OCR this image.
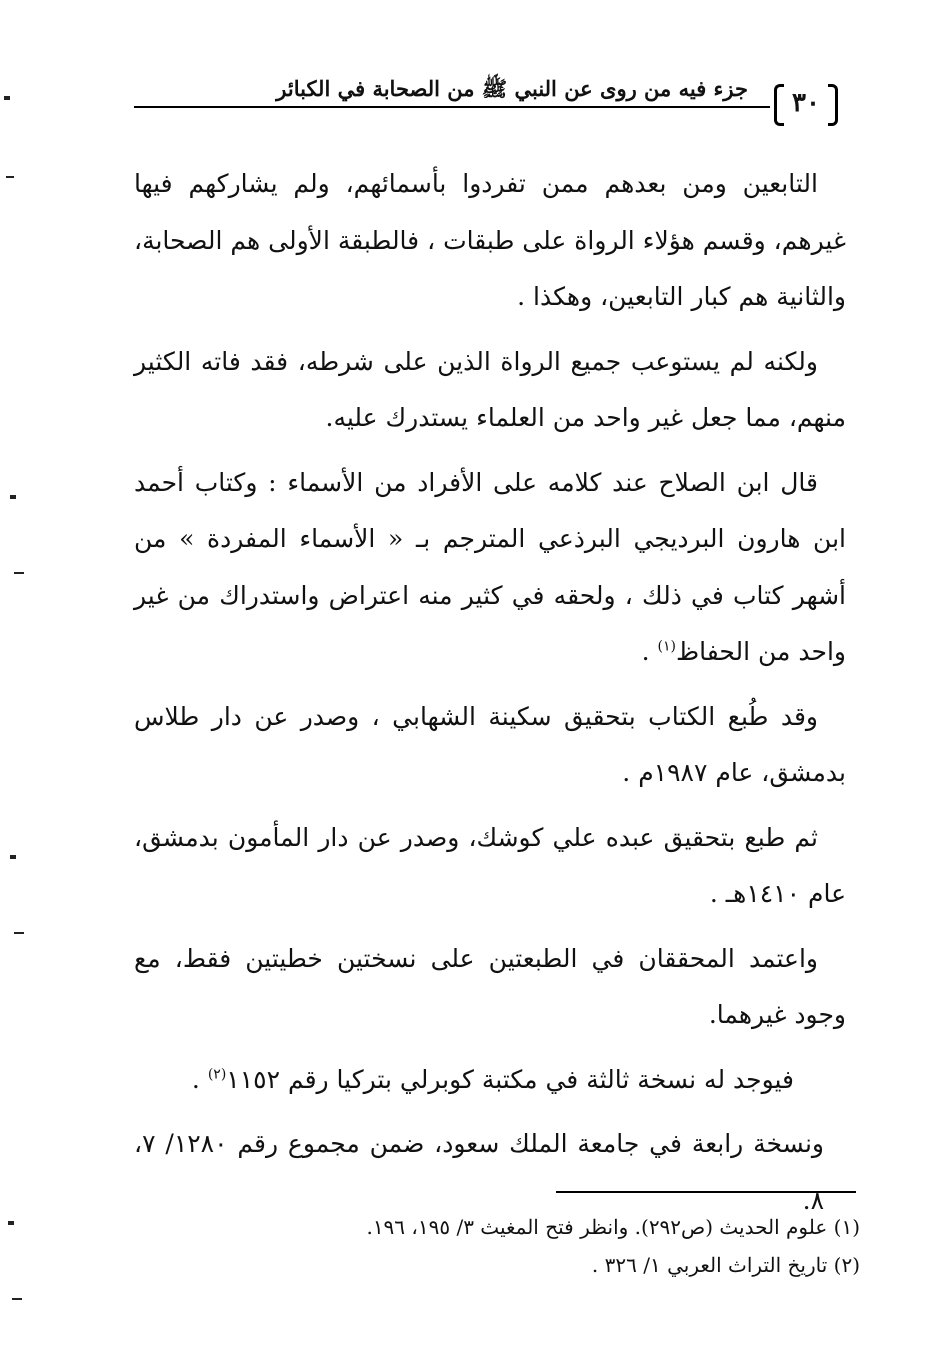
جزء فيه من روى عن النبي ﷺ من الصحابة في الكبائر ٣٠

التابعين ومن بعدهم ممن تفردوا بأسمائهم، ولم يشاركهم فيها غيرهم، وقسم هؤلاء الرواة على طبقات ، فالطبقة الأولى هم الصحابة، والثانية هم كبار التابعين، وهكذا .

ولكنه لم يستوعب جميع الرواة الذين على شرطه، فقد فاته الكثير منهم، مما جعل غير واحد من العلماء يستدرك عليه.

قال ابن الصلاح عند كلامه على الأفراد من الأسماء : وكتاب أحمد ابن هارون البرديجي البرذعي المترجم بـ « الأسماء المفردة » من أشهر كتاب في ذلك ، ولحقه في كثير منه اعتراض واستدراك من غير واحد من الحفاظ$^{(١)}$ .

وقد طُبع الكتاب بتحقيق سكينة الشهابي ، وصدر عن دار طلاس بدمشق، عام ١٩٨٧م .

ثم طبع بتحقيق عبده علي كوشك، وصدر عن دار المأمون بدمشق، عام ١٤١٠هـ .

واعتمد المحققان في الطبعتين على نسختين خطيتين فقط، مع وجود غيرهما.

فيوجد له نسخة ثالثة في مكتبة كوبرلي بتركيا رقم ١١٥٢$^{(٢)}$ .

ونسخة رابعة في جامعة الملك سعود، ضمن مجموع رقم ١٢٨٠/ ٧، ٨.

(١) علوم الحديث (ص٢٩٢). وانظر فتح المغيث ٣/ ١٩٥، ١٩٦.
(٢) تاريخ التراث العربي ١/ ٣٢٦ .
